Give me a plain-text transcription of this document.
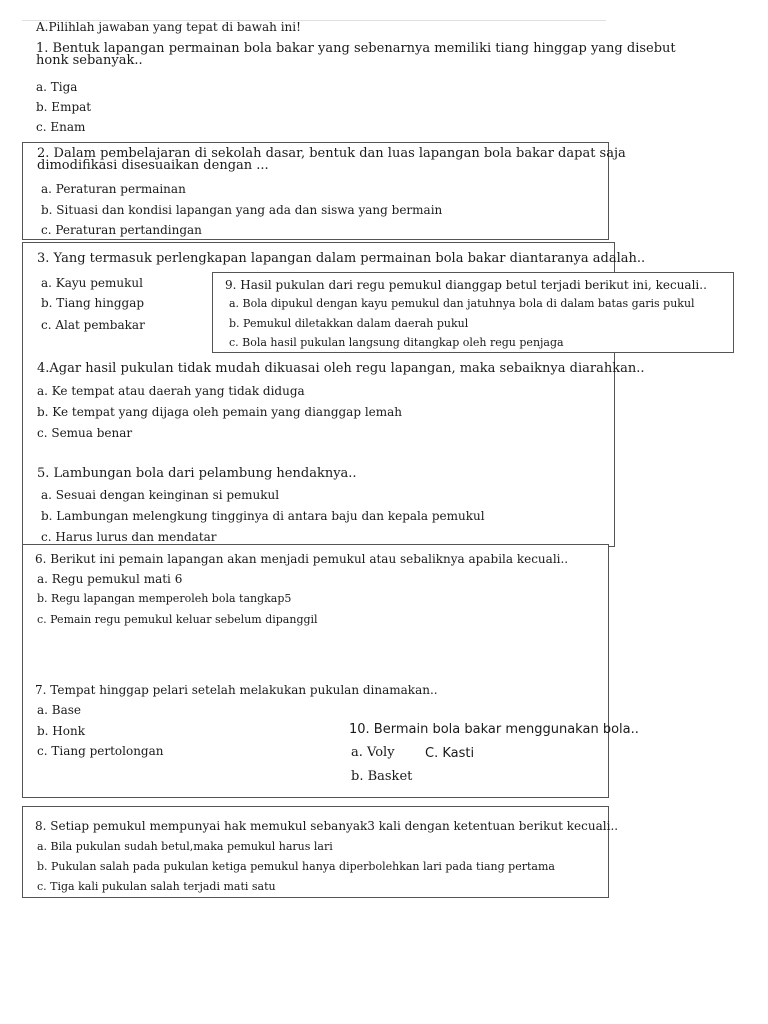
A.Pilihlah jawaban yang tepat di bawah ini!
1. Bentuk lapangan permainan bola bakar yang sebenarnya memiliki tiang hinggap yang disebut
honk sebanyak..
a. Tiga
b. Empat
c. Enam
2. Dalam pembelajaran di sekolah dasar, bentuk dan luas lapangan bola bakar dapat saja
dimodifikasi disesuaikan dengan ...
a. Peraturan permainan
b. Situasi dan kondisi lapangan yang ada dan siswa yang bermain
c. Peraturan pertandingan
3. Yang termasuk perlengkapan lapangan dalam permainan bola bakar diantaranya adalah..
a. Kayu pemukul
b. Tiang hinggap
c. Alat pembakar
4.Agar hasil pukulan tidak mudah dikuasai oleh regu lapangan, maka sebaiknya diarahkan..
a. Ke tempat atau daerah yang tidak diduga
b. Ke tempat yang dijaga oleh pemain yang dianggap lemah
c. Semua benar
5. Lambungan bola dari pelambung hendaknya..
a. Sesuai dengan keinginan si pemukul
b. Lambungan melengkung tingginya di antara baju dan kepala pemukul
c. Harus lurus dan mendatar
9. Hasil pukulan dari regu pemukul dianggap betul terjadi berikut ini, kecuali..
a. Bola dipukul dengan kayu pemukul dan jatuhnya bola di dalam batas garis pukul
b. Pemukul diletakkan dalam daerah pukul
c. Bola hasil pukulan langsung ditangkap oleh regu penjaga
6. Berikut ini pemain lapangan akan menjadi pemukul atau sebaliknya apabila kecuali..
a. Regu pemukul mati 6
b. Regu lapangan memperoleh bola tangkap5
c. Pemain regu pemukul keluar sebelum dipanggil
7. Tempat hinggap pelari setelah melakukan pukulan dinamakan..
a. Base
b. Honk
c. Tiang pertolongan
10. Bermain bola bakar menggunakan bola..
a. Voly C. Kasti
b. Basket
8. Setiap pemukul mempunyai hak memukul sebanyak3 kali dengan ketentuan berikut kecuali..
a. Bila pukulan sudah betul,maka pemukul harus lari
b. Pukulan salah pada pukulan ketiga pemukul hanya diperbolehkan lari pada tiang pertama
c. Tiga kali pukulan salah terjadi mati satu
